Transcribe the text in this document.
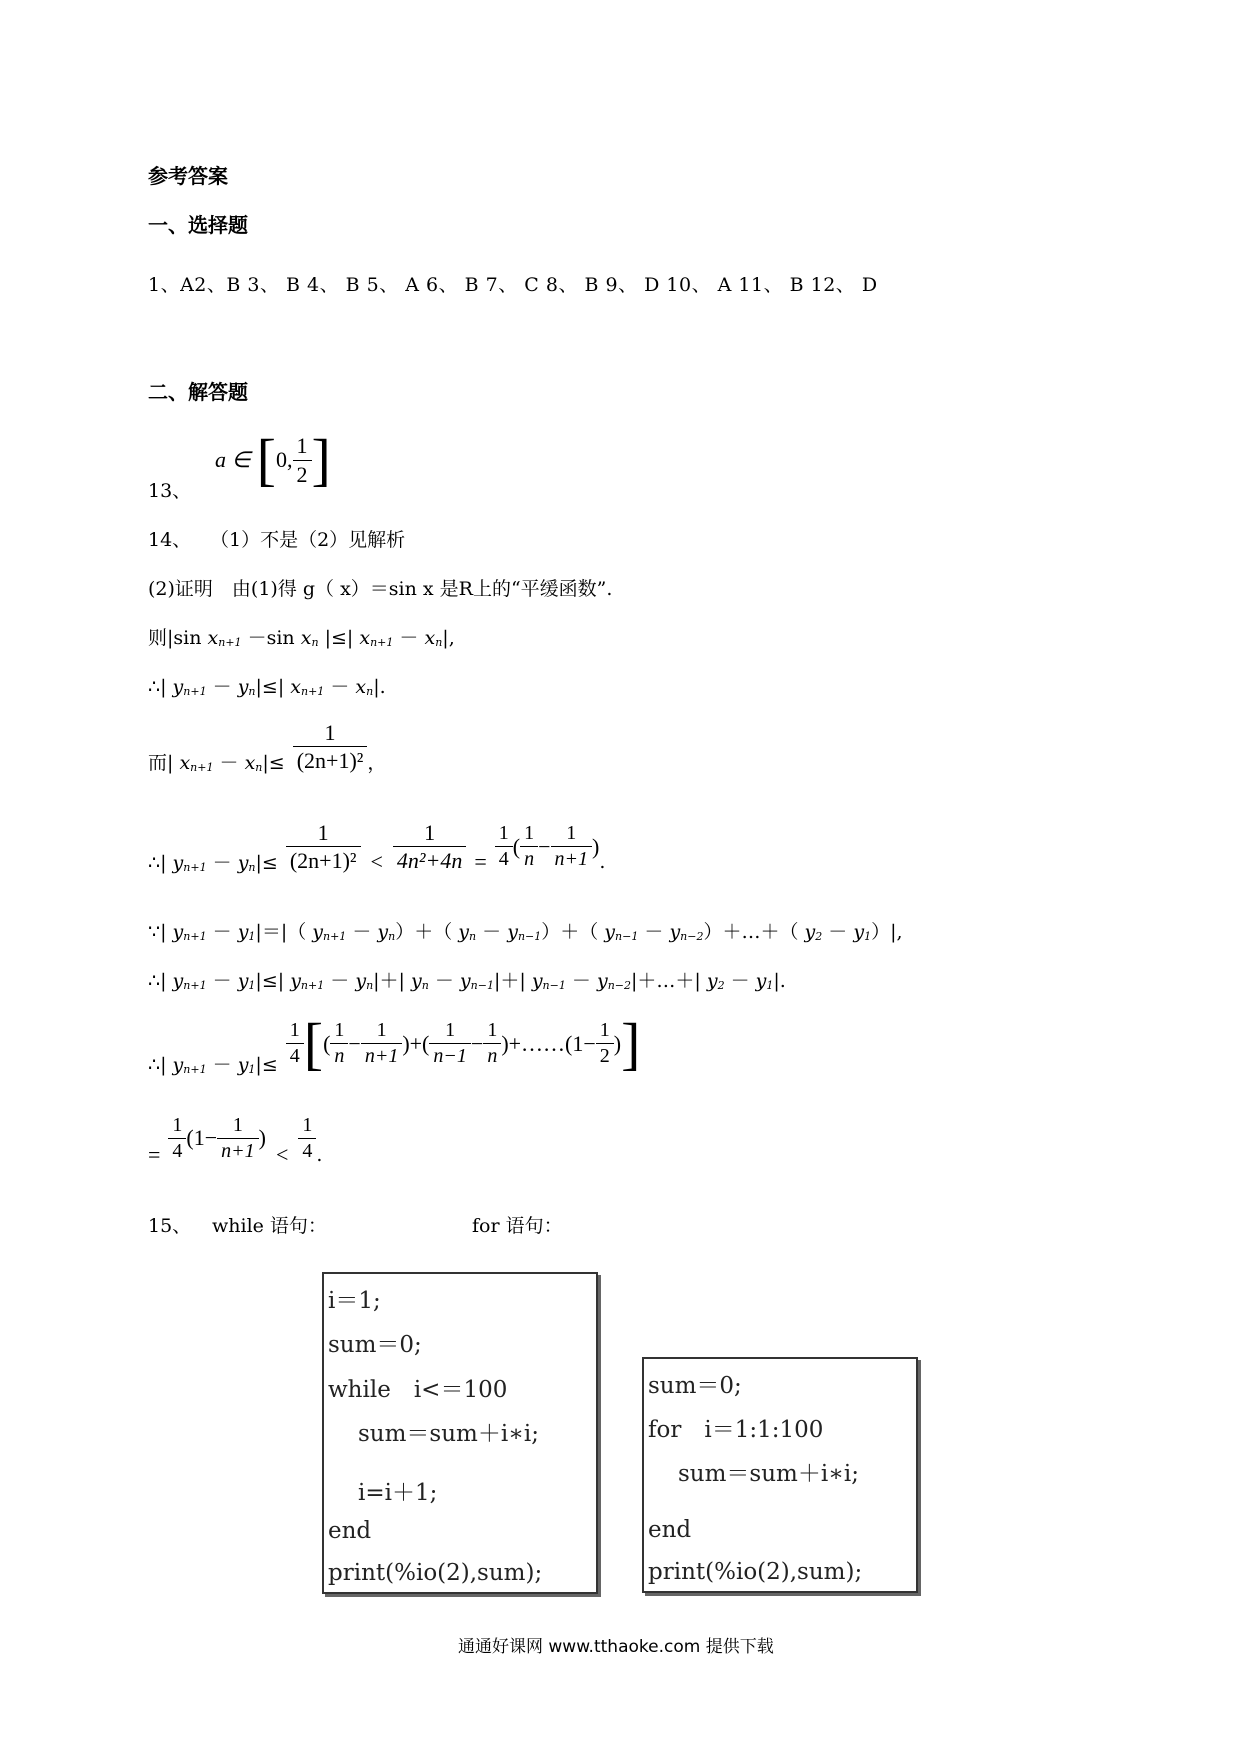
参考答案
一、选择题
1、A2、B 3、 B 4、 B 5、 A 6、 B 7、 C 8、 B 9、 D 10、 A 11、 B 12、 D
二、解答题
13、
a ∈ [ 0, $\frac{1}{2}$ ]
14、 （1）不是（2）见解析
(2)证明　由(1)得 g（ x）＝sin x 是R上的“平缓函数”.
则|sin xn+1 －sin xn |≤| xn+1 － xn|,
∴| yn+1 － yn|≤| xn+1 － xn|.
而| $xn+1 - xn|\le \frac{1}{\text{(2n+1)²}}$ ，
∴| $yn+1 - yn|\le \frac{1}{\text{(2n+1)²}} < \frac{1}{\text{4n²+4n}} = \frac{1}{4}$ ( $\frac{1}{n} - \frac{1}{n+1}$ )
.
∵| yn+1 － y1|＝|（ yn+1 － yn）＋（ yn － yn−1）＋（ yn−1 － yn−2）＋…＋（ y2 － y1）|,
∴| yn+1 － y1|≤| yn+1 － yn|＋| yn － yn−1|＋| yn−1 － yn−2|＋…＋| y2 － y1|.
∴| $yn+1 - y1|\le \frac{1}{4}$ [ ( $\frac{1}{n} - \frac{1}{n+1}$ )+( $\frac{1}{n-1} - \frac{1}{n}$ )+……(1− $\frac{1}{2}$ ) ]
= $\frac{1}{4} (1- \frac{1}{n+1}$ )
< $\frac{1}{4}$ .
15、 while 语句：	for 语句：
i＝1;
sum＝0;
while　i<＝100
sum＝sum＋i∗i;
i=i＋1;
end
print(%io(2),sum);
sum＝0;
for　i＝1:1:100
sum＝sum＋i∗i;
end
print(%io(2),sum);
通通好课网 www.tthaoke.com 提供下载
